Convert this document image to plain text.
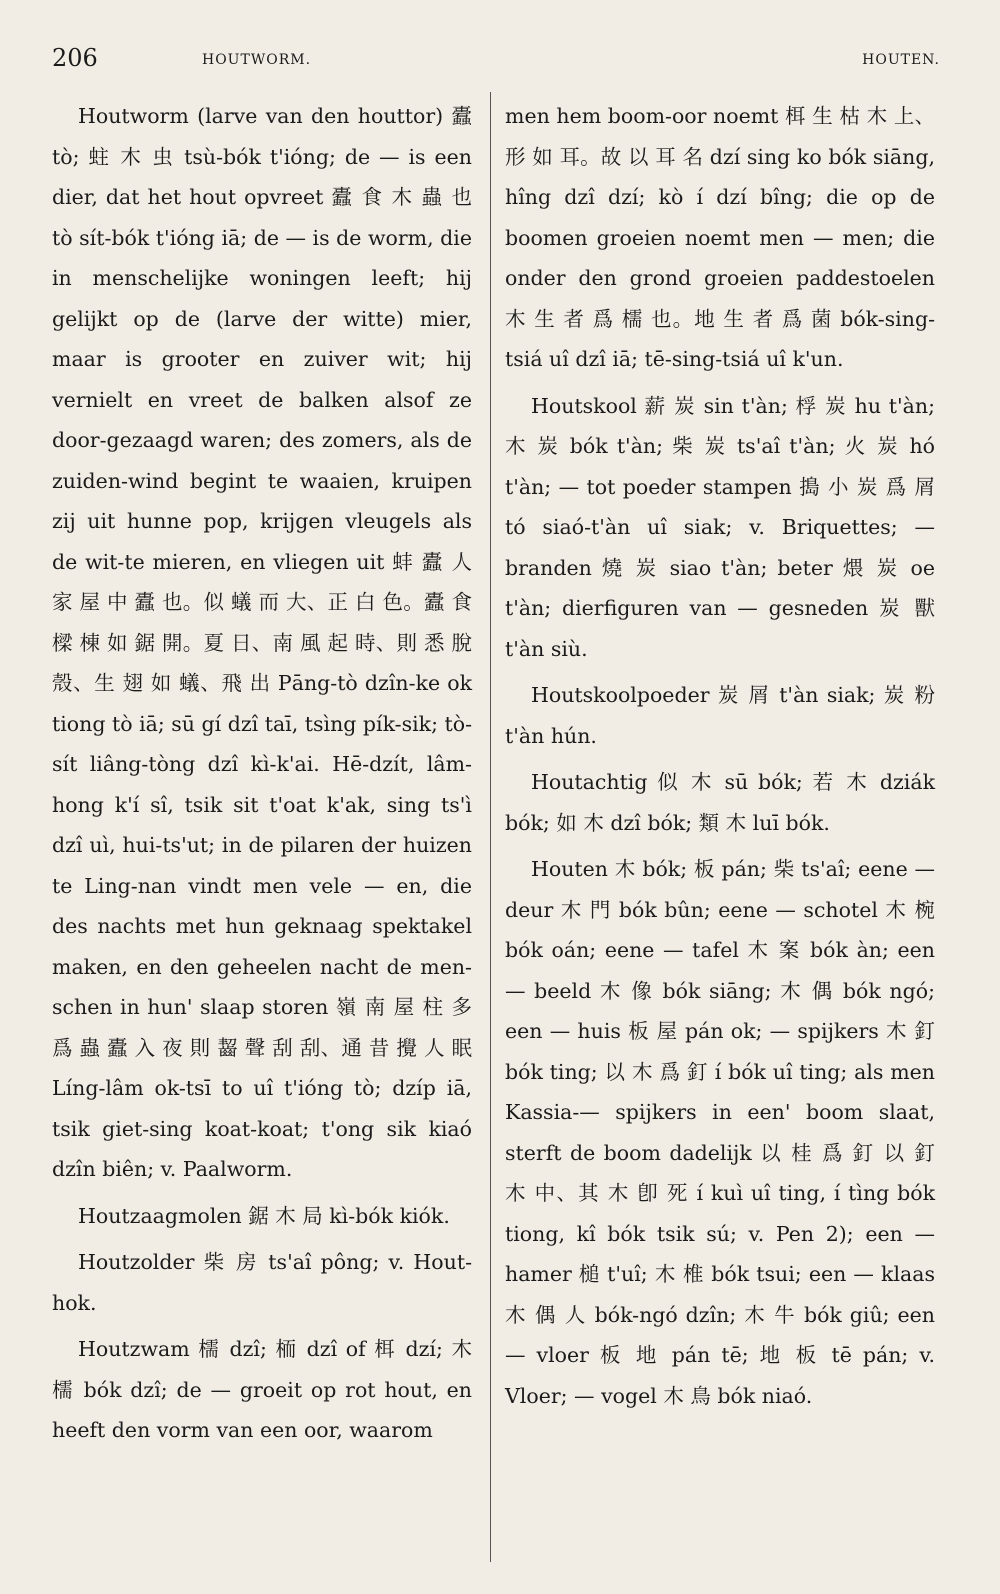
206	HOUTWORM.	HOUTEN.

Houtworm (larve van den houttor) 蠹 tò; 蛀 木 虫 tsù-bók t'ióng; de — is een dier, dat het hout opvreet 蠹 食 木 蟲 也 tò sít-bók t'ióng iā; de — is de worm, die in menschelijke woningen leeft; hij gelijkt op de (larve der witte) mier, maar is grooter en zuiver wit; hij vernielt en vreet de balken alsof ze door-gezaagd waren; des zomers, als de zuiden-wind begint te waaien, kruipen zij uit hunne pop, krijgen vleugels als de wit-te mieren, en vliegen uit 蚌 蠹 人 家 屋 中 蠹 也。似 蟻 而 大、正 白 色。蠹 食 樑 棟 如 鋸 開。夏 日、南 風 起 時、則 悉 脫 殼、生 翅 如 蟻、飛 出 Pāng-tò dzîn-ke ok tiong tò iā; sū gí dzî taī, tsìng pík-sik; tò-sít liâng-tòng dzî kì-k'ai. Hē-dzít, lâm-hong k'í sî, tsik sit t'oat k'ak, sing ts'ì dzî uì, hui-ts'ut; in de pilaren der huizen te Ling-nan vindt men vele — en, die des nachts met hun geknaag spektakel maken, en den geheelen nacht de men-schen in hun' slaap storen 嶺 南 屋 柱 多 爲 蟲 蠹 入 夜 則 齧 聲 刮 刮、通 昔 攪 人 眠 Líng-lâm ok-tsī to uî t'ióng tò; dzíp iā, tsik giet-sing koat-koat; t'ong sik kiaó dzîn biên; v. Paalworm.

Houtzaagmolen 鋸 木 局 kì-bók kiók.

Houtzolder 柴 房 ts'aî pông; v. Hout-hok.

Houtzwam 檽 dzî; 栭 dzî of 栮 dzí; 木 檽 bók dzî; de — groeit op rot hout, en heeft den vorm van een oor, waarom

men hem boom-oor noemt 栮 生 枯 木 上、形 如 耳。故 以 耳 名 dzí sing ko bók siāng, hîng dzî dzí; kò í dzí bîng; die op de boomen groeien noemt men — men; die onder den grond groeien paddestoelen 木 生 者 爲 檽 也。地 生 者 爲 菌 bók-sing-tsiá uî dzî iā; tē-sing-tsiá uî k'un.

Houtskool 薪 炭 sin t'àn; 桴 炭 hu t'àn; 木 炭 bók t'àn; 柴 炭 ts'aî t'àn; 火 炭 hó t'àn; — tot poeder stampen 搗 小 炭 爲 屑 tó siaó-t'àn uî siak; v. Briquettes; — branden 燒 炭 siao t'àn; beter 煨 炭 oe t'àn; dierfiguren van — gesneden 炭 獸 t'àn siù.

Houtskoolpoeder 炭 屑 t'àn siak; 炭 粉 t'àn hún.

Houtachtig 似 木 sū bók; 若 木 dziák bók; 如 木 dzî bók; 類 木 luī bók.

Houten 木 bók; 板 pán; 柴 ts'aî; eene — deur 木 門 bók bûn; eene — schotel 木 椀 bók oán; eene — tafel 木 案 bók àn; een — beeld 木 像 bók siāng; 木 偶 bók ngó; een — huis 板 屋 pán ok; — spijkers 木 釘 bók ting; 以 木 爲 釘 í bók uî ting; als men Kassia-— spijkers in een' boom slaat, sterft de boom dadelijk 以 桂 爲 釘 以 釘 木 中、其 木 卽 死 í kuì uî ting, í tìng bók tiong, kî bók tsik sú; v. Pen 2); een — hamer 槌 t'uî; 木 椎 bók tsui; een — klaas 木 偶 人 bók-ngó dzîn; 木 牛 bók giû; een — vloer 板 地 pán tē; 地 板 tē pán; v. Vloer; — vogel 木 鳥 bók niaó.
